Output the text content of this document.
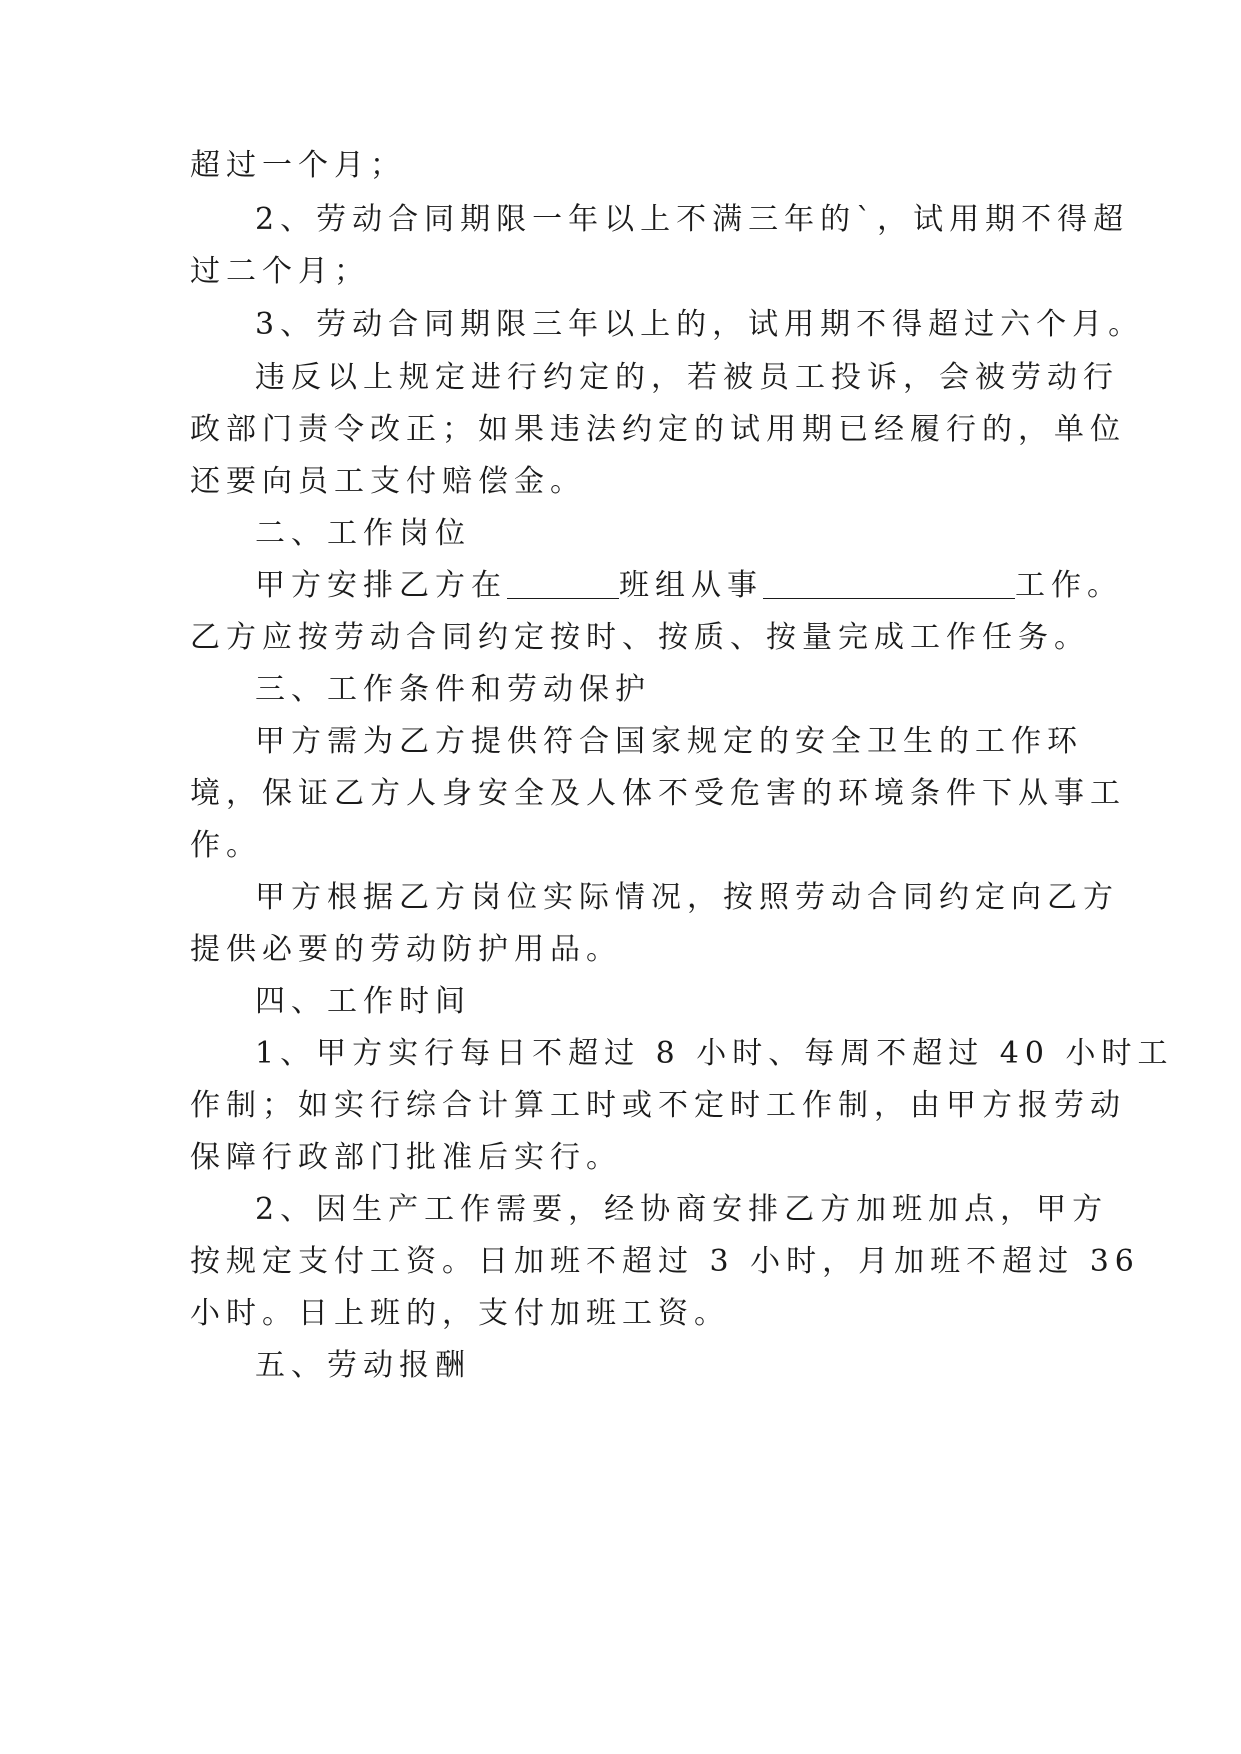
超过一个月；
2、劳动合同期限一年以上不满三年的`，试用期不得超
过二个月；
3、劳动合同期限三年以上的，试用期不得超过六个月。
违反以上规定进行约定的，若被员工投诉，会被劳动行
政部门责令改正；如果违法约定的试用期已经履行的，单位
还要向员工支付赔偿金。
二、工作岗位
甲方安排乙方在	班组从事	工作。
乙方应按劳动合同约定按时、按质、按量完成工作任务。
三、工作条件和劳动保护
甲方需为乙方提供符合国家规定的安全卫生的工作环
境，保证乙方人身安全及人体不受危害的环境条件下从事工
作。
甲方根据乙方岗位实际情况，按照劳动合同约定向乙方
提供必要的劳动防护用品。
四、工作时间
1、甲方实行每日不超过 8 小时、每周不超过 40 小时工
作制；如实行综合计算工时或不定时工作制，由甲方报劳动
保障行政部门批准后实行。
2、因生产工作需要，经协商安排乙方加班加点，甲方
按规定支付工资。日加班不超过 3 小时，月加班不超过 36
小时。日上班的，支付加班工资。
五、劳动报酬
